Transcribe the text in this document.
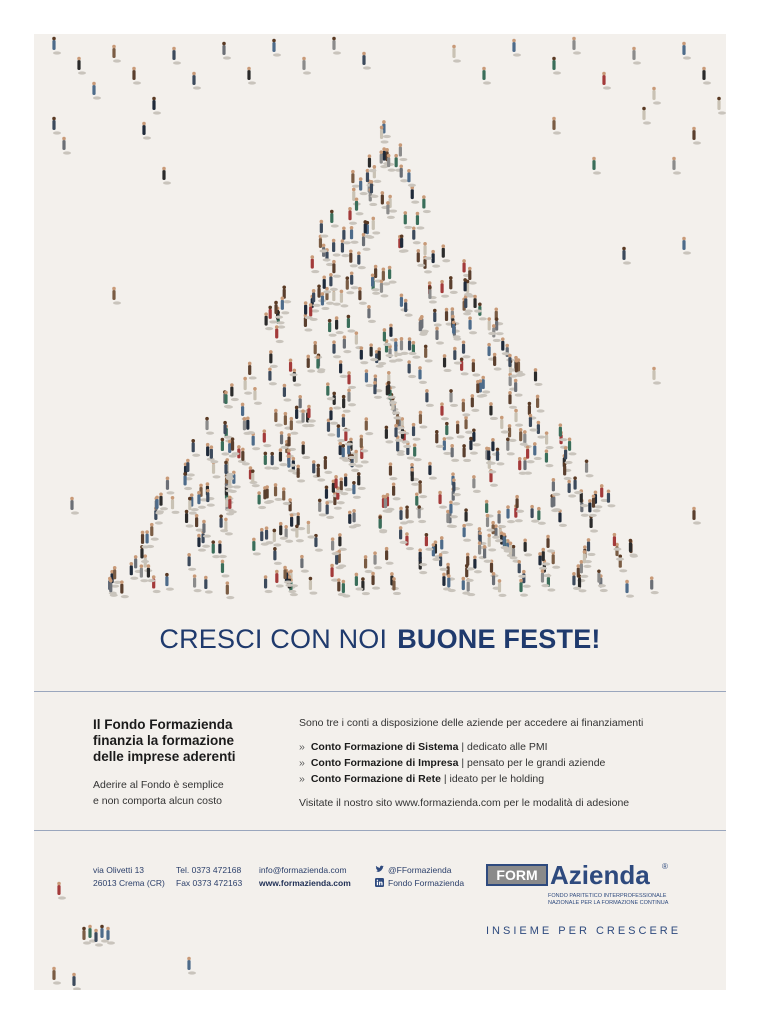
CRESCI CON NOI BUONE FESTE!
Il Fondo Formazienda
finanzia la formazione
delle imprese aderenti
Aderire al Fondo è semplice
e non comporta alcun costo
Sono tre i conti a disposizione delle aziende per accedere ai finanziamenti
» Conto Formazione di Sistema | dedicato alle PMI
» Conto Formazione di Impresa | pensato per le grandi aziende
» Conto Formazione di Rete | ideato per le holding
Visitate il nostro sito www.formazienda.com per le modalità di adesione
via Olivetti 13
26013 Crema (CR)
Tel. 0373 472168
Fax 0373 472163
info@formazienda.com
www.formazienda.com
@FFormazienda
Fondo Formazienda	FORM Azienda ®
FONDO PARITETICO INTERPROFESSIONALE
NAZIONALE PER LA FORMAZIONE CONTINUA
INSIEME PER CRESCERE
